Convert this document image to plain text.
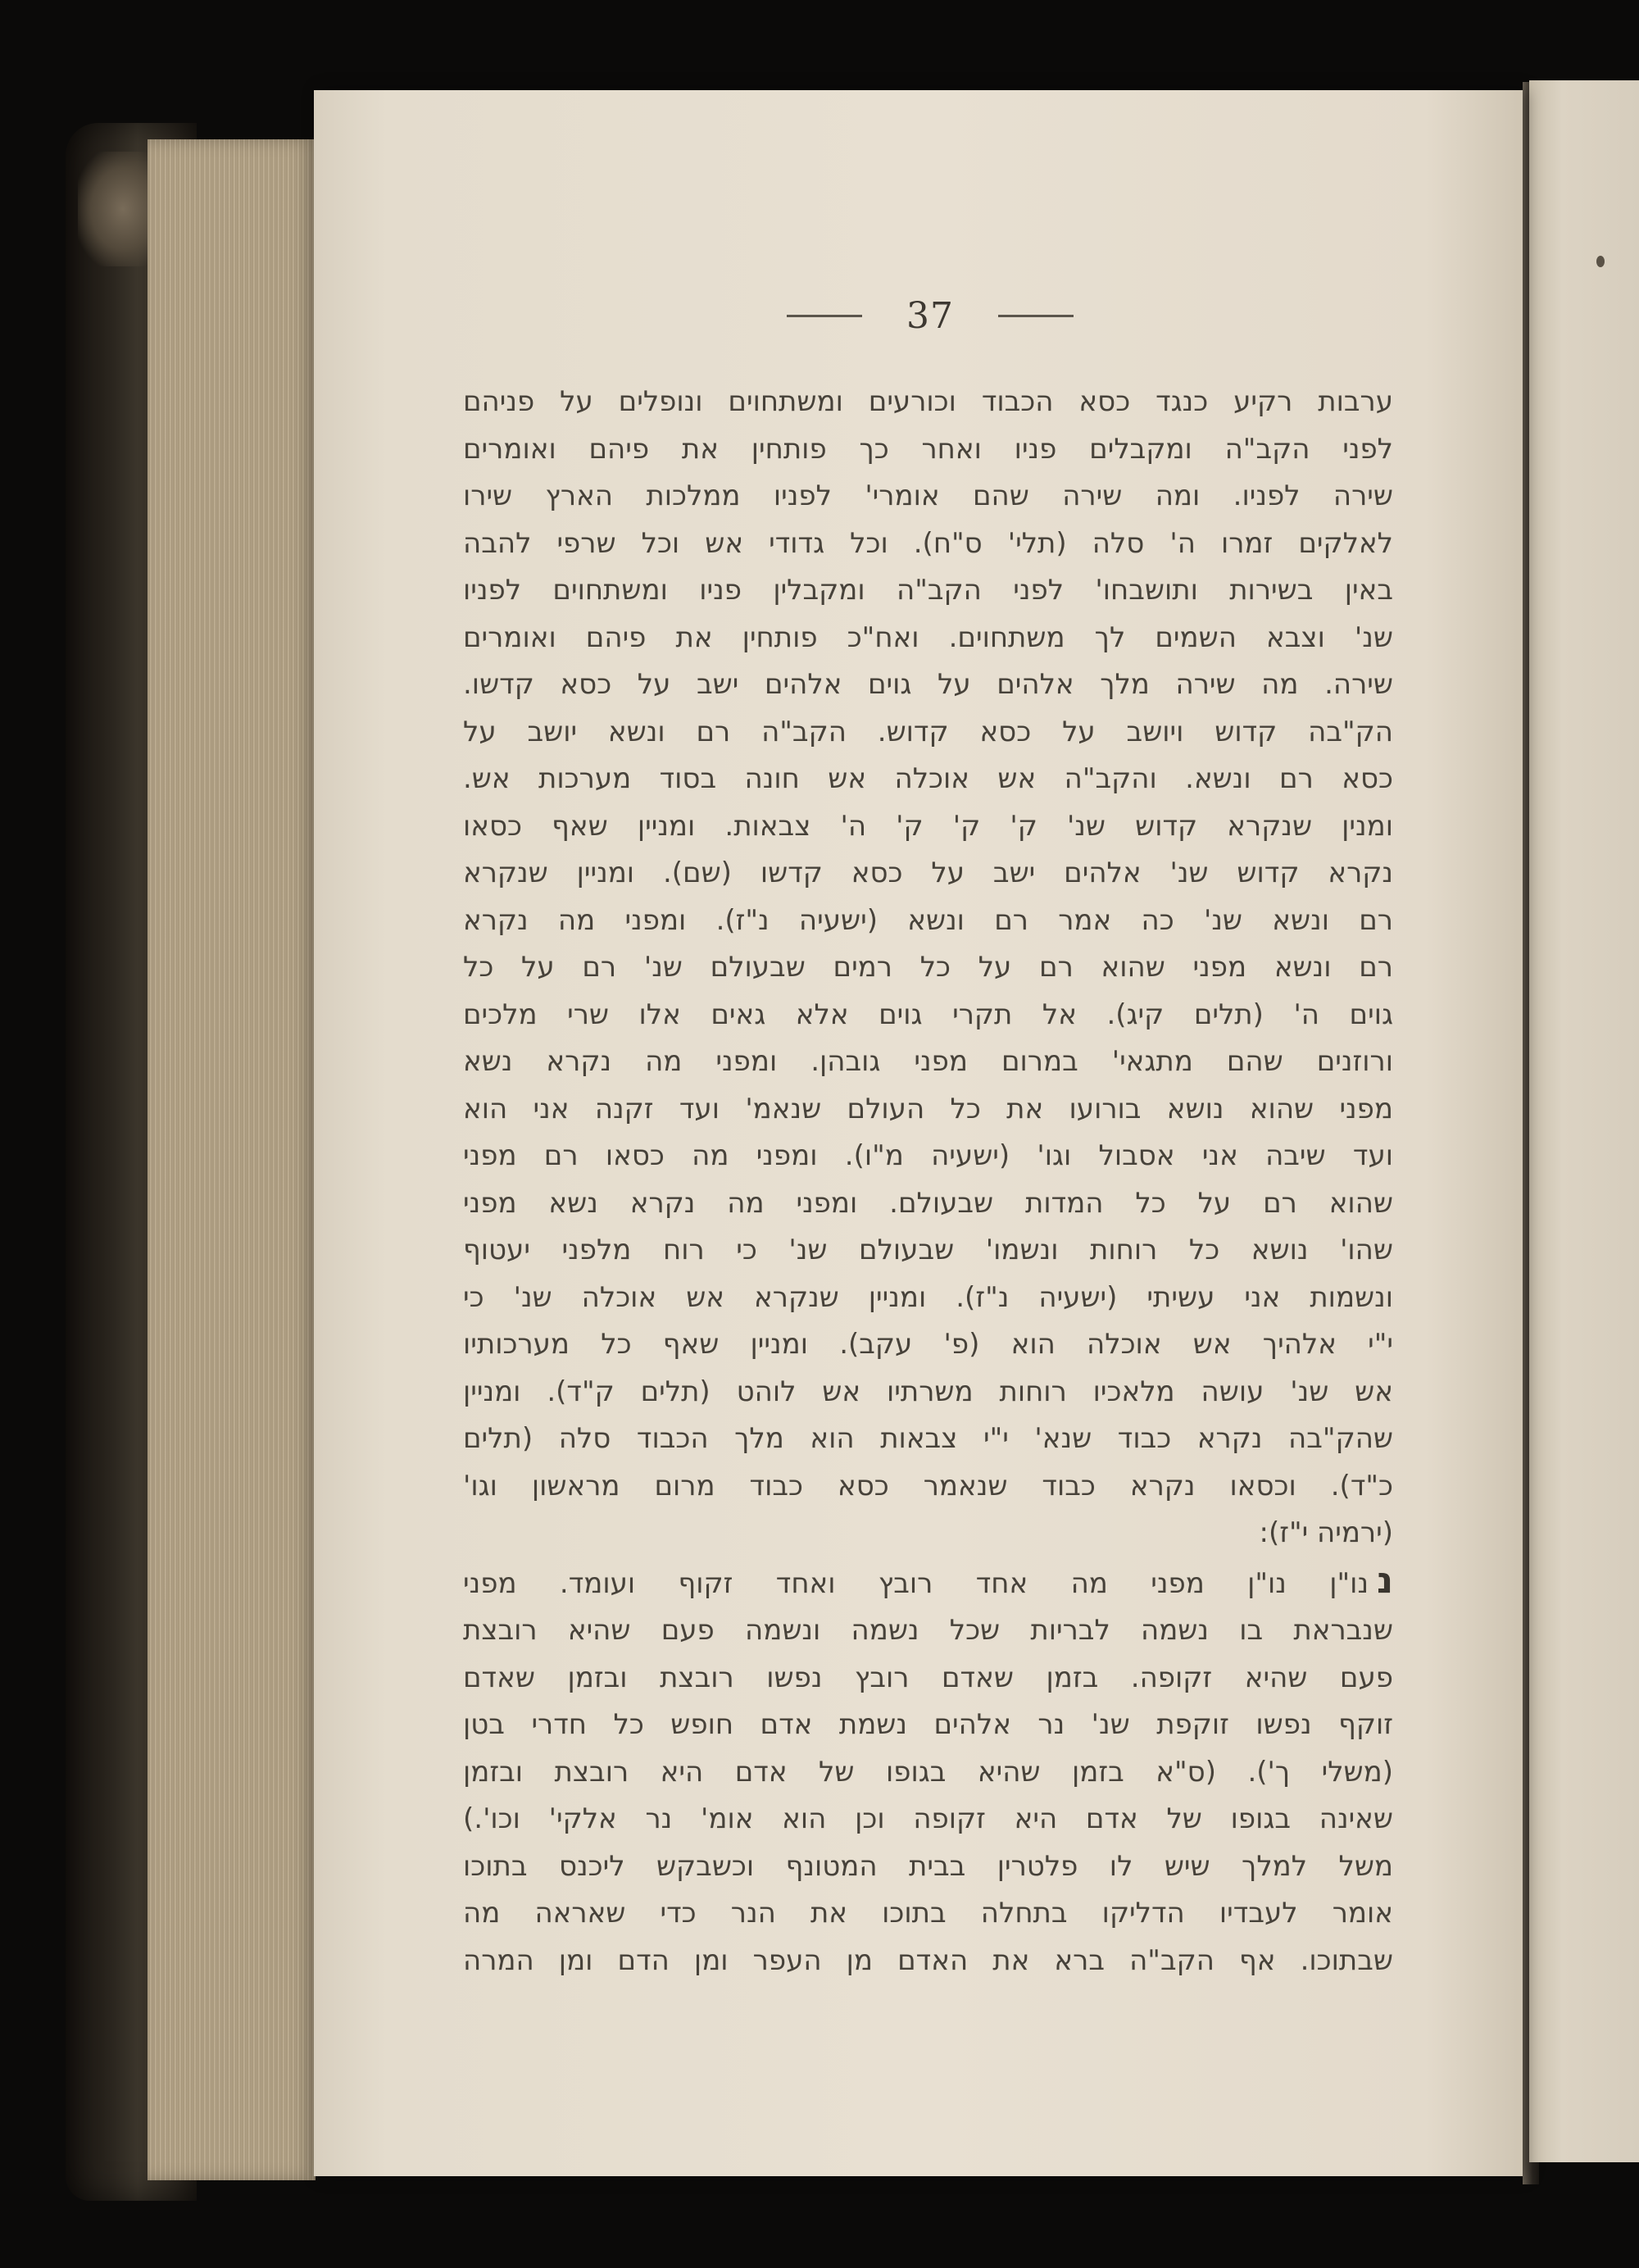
37
ערבות רקיע כנגד כסא הכבוד וכורעים ומשתחוים ונופלים על פניהם
לפני הקב"ה ומקבלים פניו ואחר כך פותחין את פיהם ואומרים
שירה לפניו. ומה שירה שהם אומרי' לפניו ממלכות הארץ שירו
לאלקים זמרו ה' סלה (תלי' ס"ח). וכל גדודי אש וכל שרפי להבה
באין בשירות ותושבחו' לפני הקב"ה ומקבלין פניו ומשתחוים לפניו
שנ' וצבא השמים לך משתחוים. ואח"כ פותחין את פיהם ואומרים
שירה. מה שירה מלך אלהים על גוים אלהים ישב על כסא קדשו.
הק"בה קדוש ויושב על כסא קדוש. הקב"ה רם ונשא יושב על
כסא רם ונשא. והקב"ה אש אוכלה אש חונה בסוד מערכות אש.
ומנין שנקרא קדוש שנ' ק' ק' ק' ה' צבאות. ומניין שאף כסאו
נקרא קדוש שנ' אלהים ישב על כסא קדשו (שם). ומניין שנקרא
רם ונשא שנ' כה אמר רם ונשא (ישעיה נ"ז). ומפני מה נקרא
רם ונשא מפני שהוא רם על כל רמים שבעולם שנ' רם על כל
גוים ה' (תלים קיג). אל תקרי גוים אלא גאים אלו שרי מלכים
ורוזנים שהם מתגאי' במרום מפני גובהן. ומפני מה נקרא נשא
מפני שהוא נושא בורועו את כל העולם שנאמ' ועד זקנה אני הוא
ועד שיבה אני אסבול וגו' (ישעיה מ"ו). ומפני מה כסאו רם מפני
שהוא רם על כל המדות שבעולם. ומפני מה נקרא נשא מפני
שהו' נושא כל רוחות ונשמו' שבעולם שנ' כי רוח מלפני יעטוף
ונשמות אני עשיתי (ישעיה נ"ז). ומניין שנקרא אש אוכלה שנ' כי
י"י אלהיך אש אוכלה הוא (פ' עקב). ומניין שאף כל מערכותיו
אש שנ' עושה מלאכיו רוחות משרתיו אש לוהט (תלים ק"ד). ומניין
שהק"בה נקרא כבוד שנא' י"י צבאות הוא מלך הכבוד סלה (תלים
כ"ד). וכסאו נקרא כבוד שנאמר כסא כבוד מרום מראשון וגו'
(ירמיה י"ז):
ננו"ן נו"ן מפני מה אחד רובץ ואחד זקוף ועומד. מפני
שנבראת בו נשמה לבריות שכל נשמה ונשמה פעם שהיא רובצת
פעם שהיא זקופה. בזמן שאדם רובץ נפשו רובצת ובזמן שאדם
זוקף נפשו זוקפת שנ' נר אלהים נשמת אדם חופש כל חדרי בטן
(משלי ך'). (ס"א בזמן שהיא בגופו של אדם היא רובצת ובזמן
שאינה בגופו של אדם היא זקופה וכן הוא אומ' נר אלקי' וכו'.)
משל למלך שיש לו פלטרין בבית המטונף וכשבקש ליכנס בתוכו
אומר לעבדיו הדליקו בתחלה בתוכו את הנר כדי שאראה מה
שבתוכו. אף הקב"ה ברא את האדם מן העפר ומן הדם ומן המרה
